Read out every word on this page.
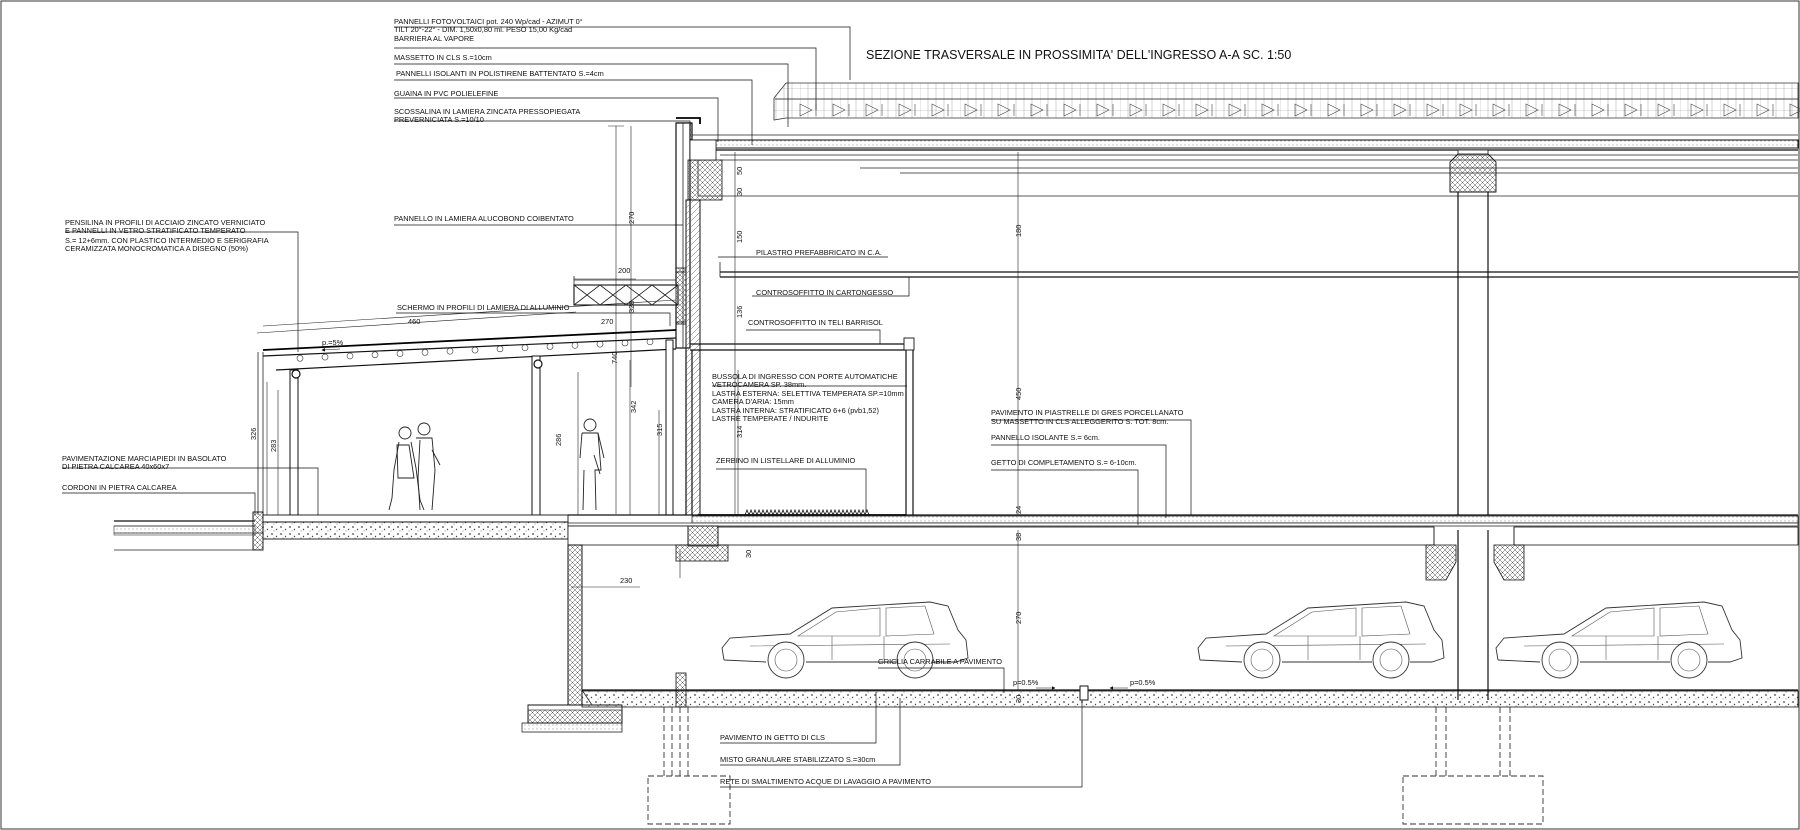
SEZIONE TRASVERSALE IN PROSSIMITA' DELL'INGRESSO A-A SC. 1:50
270
50
30
150
200
328	136
740
460	270
326
283	286
342
315	314
180
450
24
38
30
230
270
30
p.=5%
p=0.5%	p=0.5%
PANNELLI FOTOVOLTAICI pot. 240 Wp/cad - AZIMUT 0°
TILT 20°-22° - DIM. 1,50x0,80 ml. PESO 15,00 Kg/cad
BARRIERA AL VAPORE
MASSETTO IN CLS S.=10cm
PANNELLI ISOLANTI IN POLISTIRENE BATTENTATO S.=4cm
GUAINA IN PVC POLIELEFINE
SCOSSALINA IN LAMIERA ZINCATA PRESSOPIEGATA
PREVERNICIATA S.=10/10
PANNELLO IN LAMIERA ALUCOBOND COIBENTATO
PILASTRO PREFABBRICATO IN C.A.
CONTROSOFFITTO IN CARTONGESSO
CONTROSOFFITTO IN TELI BARRISOL
PENSILINA IN PROFILI DI ACCIAIO ZINCATO VERNICIATO
E PANNELLI IN VETRO STRATIFICATO TEMPERATO
S.= 12+6mm. CON PLASTICO INTERMEDIO E SERIGRAFIA
CERAMIZZATA MONOCROMATICA A DISEGNO (50%)
SCHERMO IN PROFILI DI LAMIERA DI ALLUMINIO
BUSSOLA DI INGRESSO CON PORTE AUTOMATICHE
VETROCAMERA SP. 38mm.
LASTRA ESTERNA: SELETTIVA TEMPERATA SP.=10mm
CAMERA D'ARIA: 15mm
LASTRA INTERNA: STRATIFICATO 6+6 (pvb1,52)
LASTRE TEMPERATE / INDURITE
PAVIMENTO IN PIASTRELLE DI GRES PORCELLANATO
SU MASSETTO IN CLS ALLEGGERITO S. TOT. 8cm.
PANNELLO ISOLANTE S.= 6cm.
GETTO DI COMPLETAMENTO S.= 6-10cm.
ZERBINO IN LISTELLARE DI ALLUMINIO
PAVIMENTAZIONE MARCIAPIEDI IN BASOLATO
DI PIETRA CALCAREA 40x60x7
CORDONI IN PIETRA CALCAREA
GRIGLIA CARRABILE A PAVIMENTO
PAVIMENTO IN GETTO DI CLS
MISTO GRANULARE STABILIZZATO S.=30cm
RETE DI SMALTIMENTO ACQUE DI LAVAGGIO A PAVIMENTO
